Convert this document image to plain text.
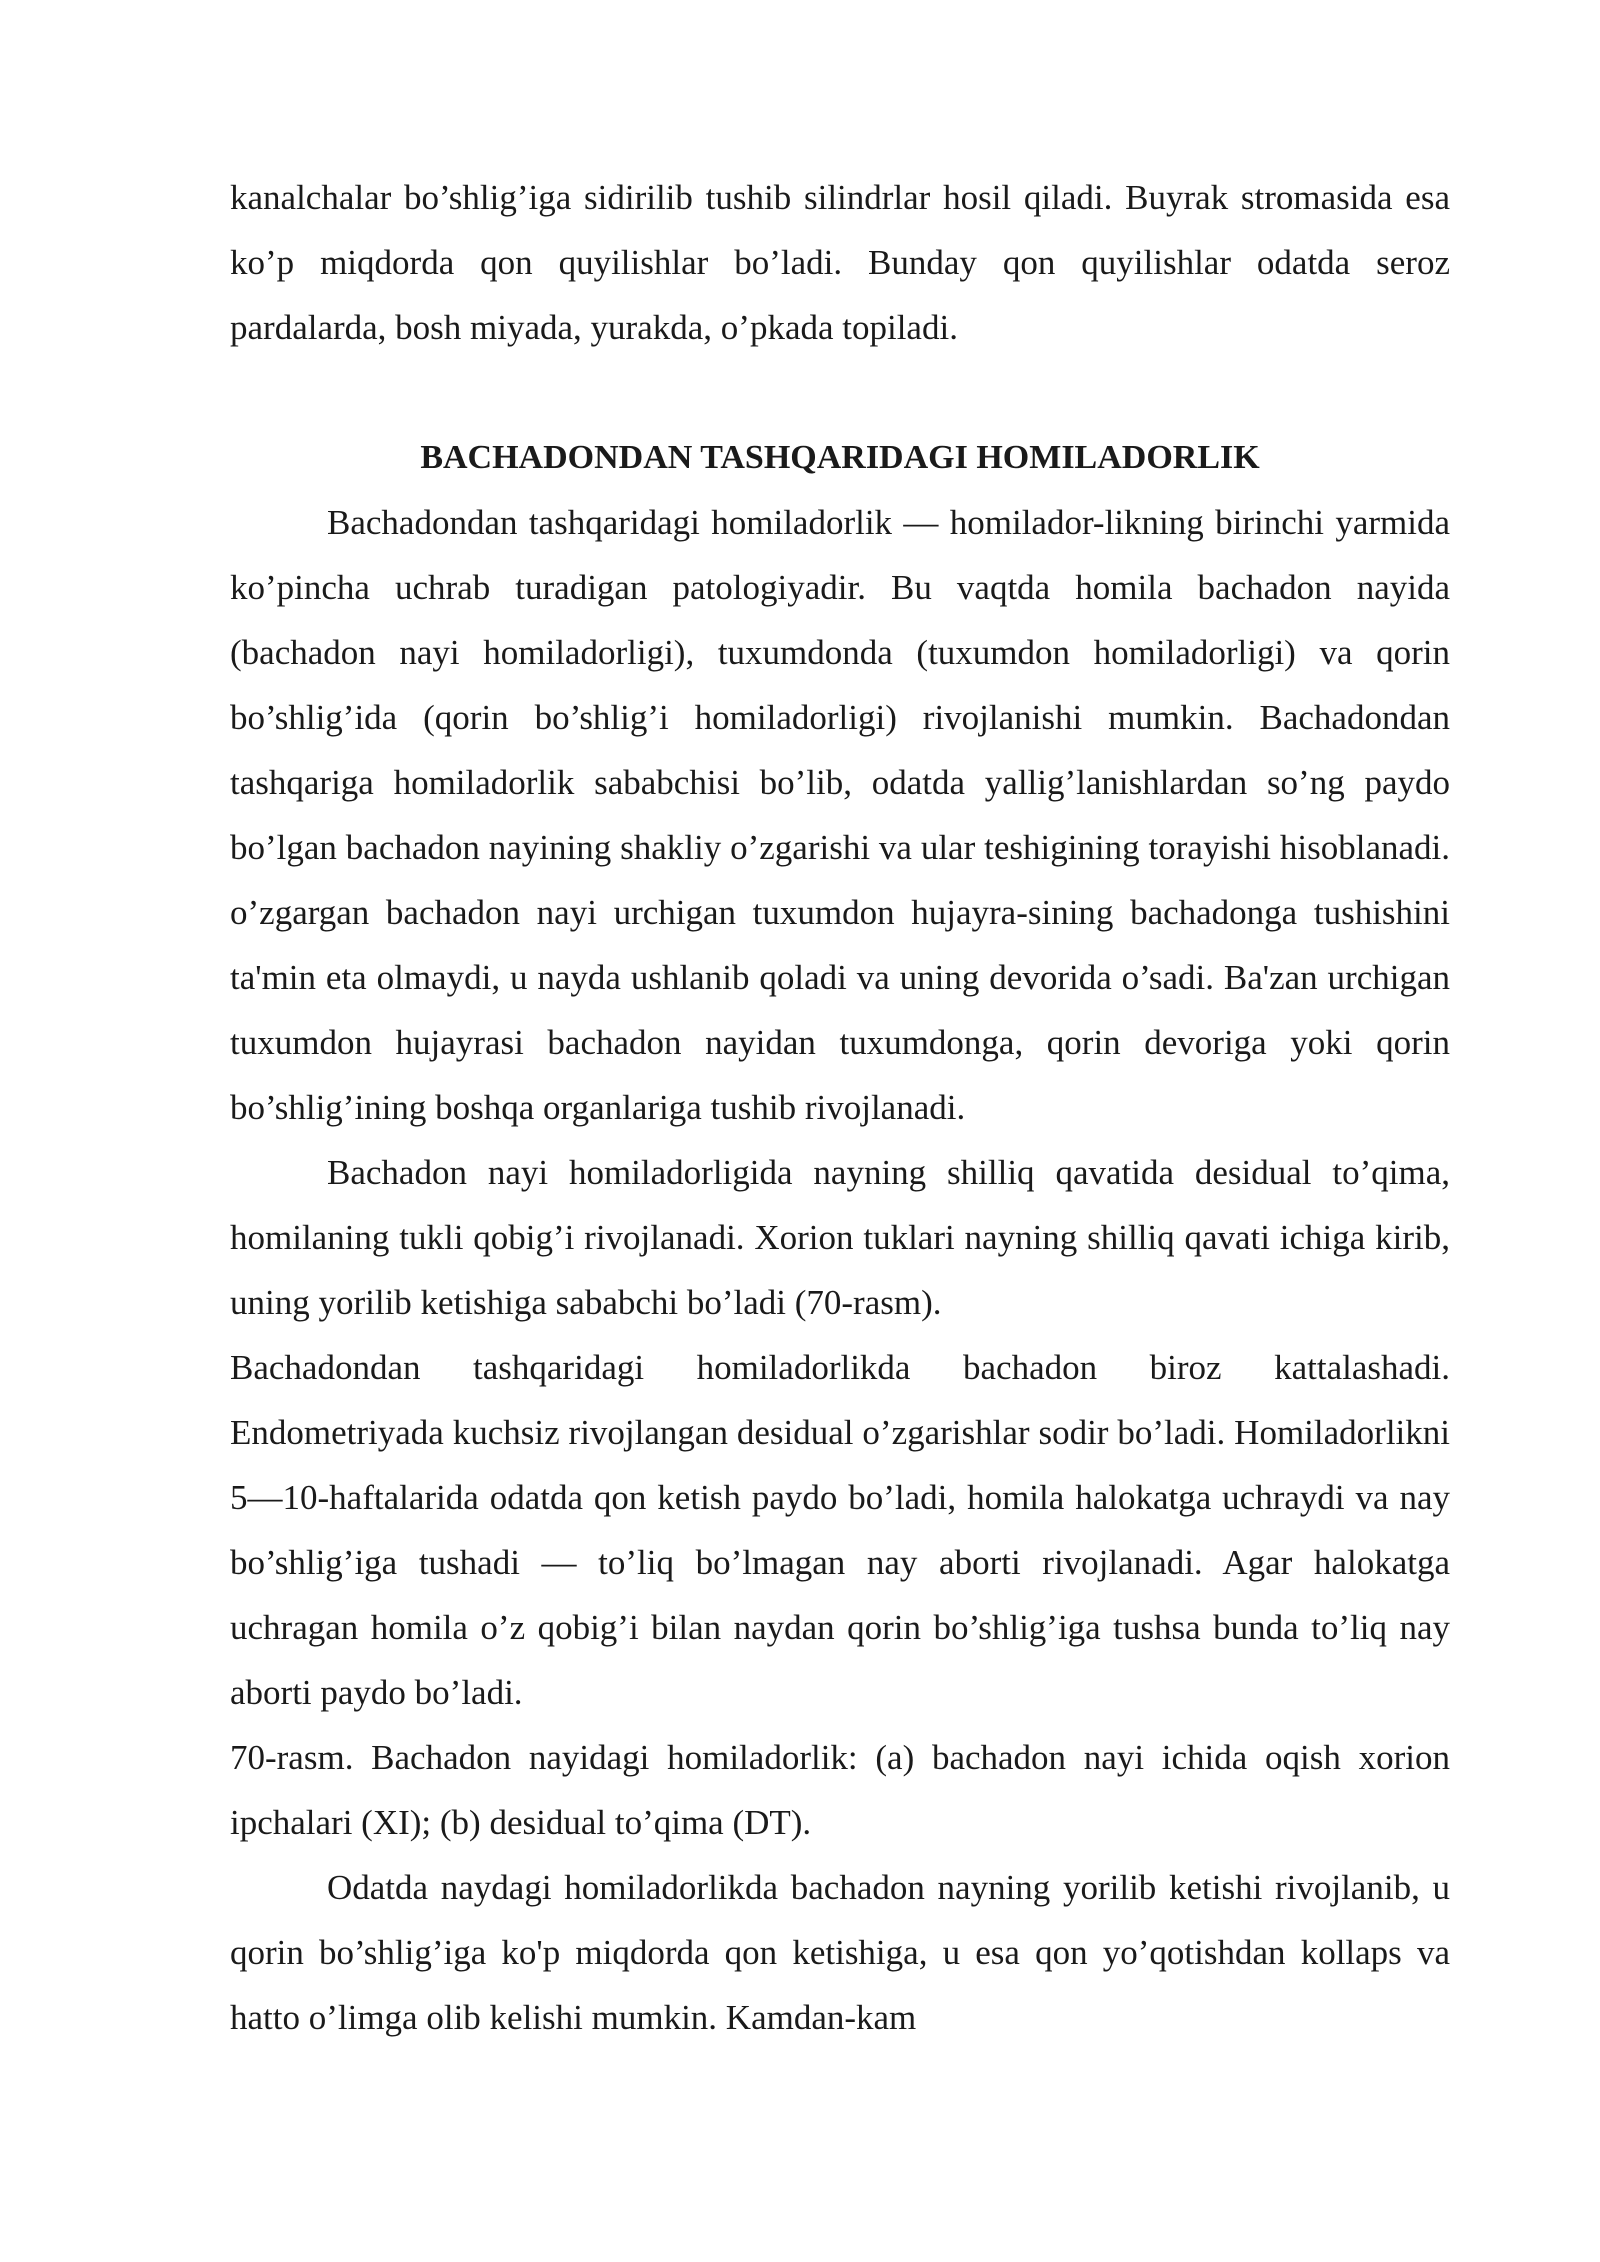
kanalchalar bo’shlig’iga sidirilib tushib silindrlar hosil qiladi. Buyrak stromasida esa ko’p miqdorda qon quyilishlar bo’ladi. Bunday qon quyilishlar odatda seroz pardalarda, bosh miyada, yurakda, o’pkada topiladi.

BACHADONDAN TASHQARIDAGI HOMILADORLIK

Bachadondan tashqaridagi homiladorlik — homilador-likning birinchi yarmida ko’pincha uchrab turadigan patologiyadir. Bu vaqtda homila bachadon nayida (bachadon nayi homiladorligi), tuxumdonda (tuxumdon homiladorligi) va qorin bo’shlig’ida (qorin bo’shlig’i homiladorligi) rivojlanishi mumkin. Bachadondan tashqariga homiladorlik sababchisi bo’lib, odatda yallig’lanishlardan so’ng paydo bo’lgan bachadon nayining shakliy o’zgarishi va ular teshigining torayishi hisoblanadi. o’zgargan bachadon nayi urchigan tuxumdon hujayra-sining bachadonga tushishini ta'min eta olmaydi, u nayda ushlanib qoladi va uning devorida o’sadi. Ba'zan urchigan tuxumdon hujayrasi bachadon nayidan tuxumdonga, qorin devoriga yoki qorin bo’shlig’ining boshqa organlariga tushib rivojlanadi.

Bachadon nayi homiladorligida nayning shilliq qavatida desidual to’qima, homilaning tukli qobig’i rivojlanadi. Xorion tuklari nayning shilliq qavati ichiga kirib, uning yorilib ketishiga sababchi bo’ladi (70-rasm).

Bachadondan tashqaridagi homiladorlikda bachadon biroz kattalashadi. Endometriyada kuchsiz rivojlangan desidual o’zgarishlar sodir bo’ladi. Homiladorlikni 5—10-haftalarida odatda qon ketish paydo bo’ladi, homila halokatga uchraydi va nay bo’shlig’iga tushadi — to’liq bo’lmagan nay aborti rivojlanadi. Agar halokatga uchragan homila o’z qobig’i bilan naydan qorin bo’shlig’iga tushsa bunda to’liq nay aborti paydo bo’ladi.

70-rasm. Bachadon nayidagi homiladorlik: (a) bachadon nayi ichida oqish xorion ipchalari (XI); (b) desidual to’qima (DT).

Odatda naydagi homiladorlikda bachadon nayning yorilib ketishi rivojlanib, u qorin bo’shlig’iga ko'p miqdorda qon ketishiga, u esa qon yo’qotishdan kollaps va hatto o’limga olib kelishi mumkin. Kamdan-kam
